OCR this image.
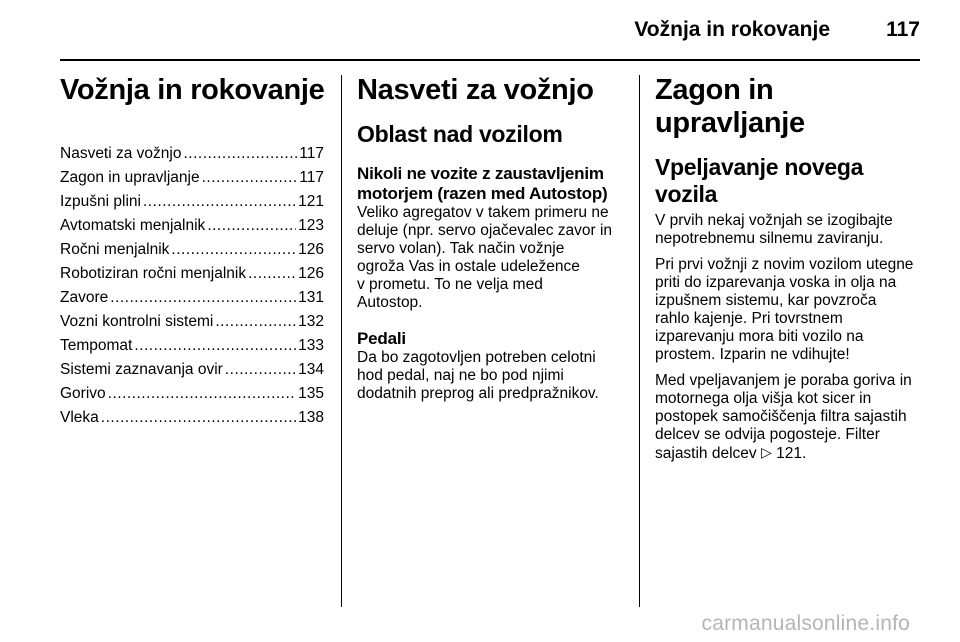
Vožnja in rokovanje	117
Vožnja in rokovanje
Nasveti za vožnjo .....	117
Zagon in upravljanje .....	117
Izpušni plini .....	121
Avtomatski menjalnik .....	123
Ročni menjalnik .....	126
Robotiziran ročni menjalnik .....	126
Zavore .....	131
Vozni kontrolni sistemi .....	132
Tempomat .....	133
Sistemi zaznavanja ovir .....	134
Gorivo .....	135
Vleka .....	138
Nasveti za vožnjo
Oblast nad vozilom
Nikoli ne vozite z zaustavljenim
motorjem (razen med Autostop)

Veliko agregatov v takem primeru ne
deluje (npr. servo ojačevalec zavor in
servo volan). Tak način vožnje
ogroža Vas in ostale udeležence
v prometu. To ne velja med
Autostop.

Pedali

Da bo zagotovljen potreben celotni
hod pedal, naj ne bo pod njimi
dodatnih preprog ali predpražnikov.

Zagon in upravljanje
Vpeljavanje novega vozila

V prvih nekaj vožnjah se izogibajte
nepotrebnemu silnemu zaviranju.

Pri prvi vožnji z novim vozilom utegne
priti do izparevanja voska in olja na
izpušnem sistemu, kar povzroča
rahlo kajenje. Pri tovrstnem
izparevanju mora biti vozilo na
prostem. Izparin ne vdihujte!

Med vpeljavanjem je poraba goriva in
motornega olja višja kot sicer in
postopek samočiščenja filtra sajastih
delcev se odvija pogosteje. Filter
sajastih delcev ▷ 121.

carmanualsonline.info
